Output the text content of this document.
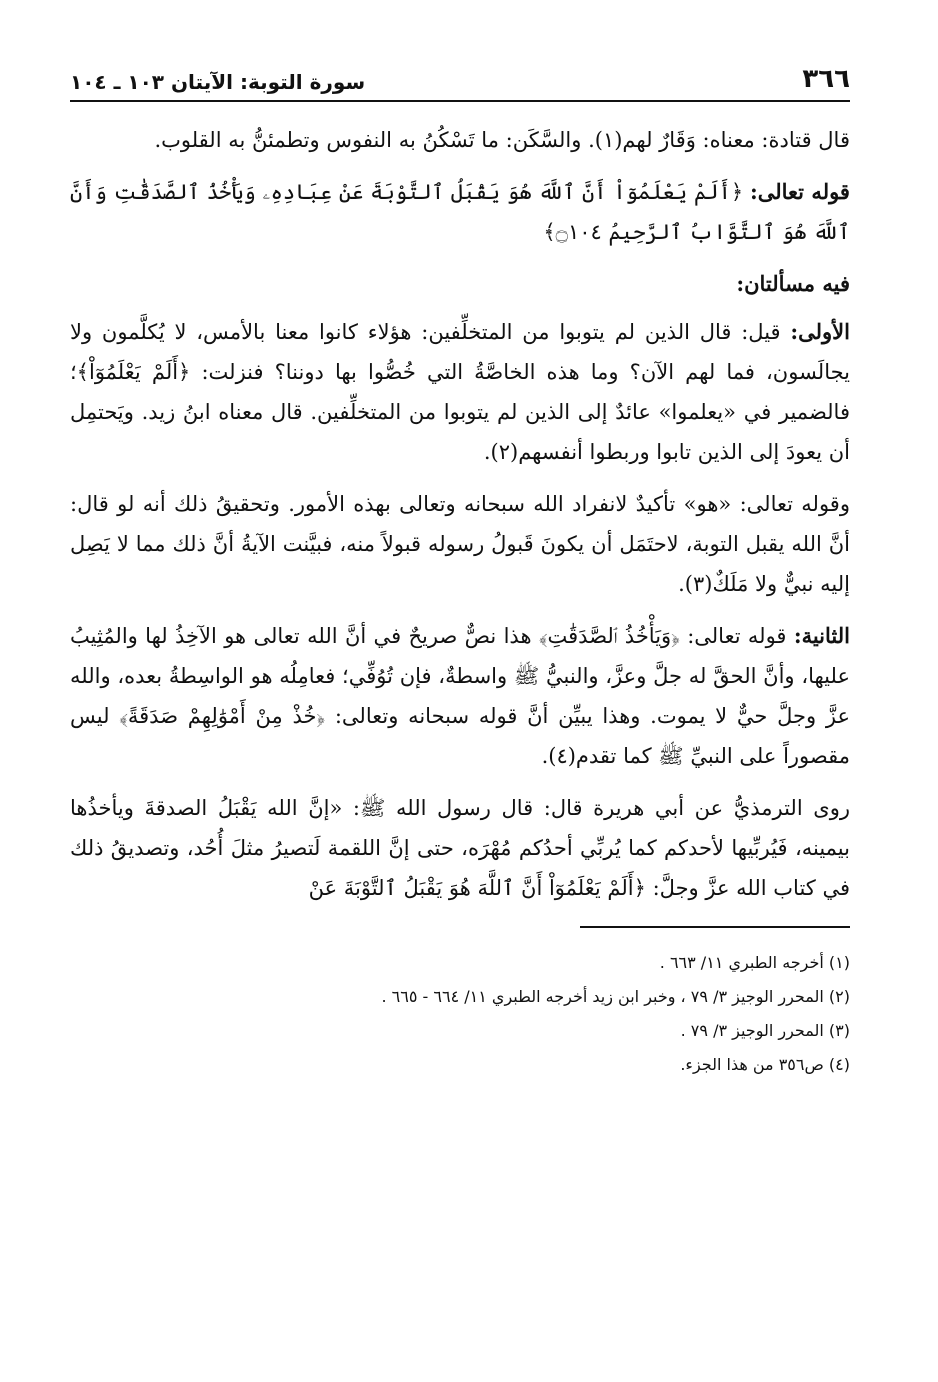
٣٦٦
سورة التوبة: الآيتان ١٠٣ ـ ١٠٤

قال قتادة: معناه: وَقَارٌ لهم(١). والسَّكَن: ما تَسْكُنُ به النفوس وتطمئنُّ به القلوب.

قوله تعالى: ﴿أَلَمْ يَعْلَمُوٓاْ أَنَّ ٱللَّهَ هُوَ يَقْبَلُ ٱلتَّوْبَةَ عَنْ عِبَادِهِۦ وَيَأْخُذُ ٱلصَّدَقَٰتِ وَأَنَّ ٱللَّهَ هُوَ ٱلتَّوَّابُ ٱلرَّحِيمُ ۝١٠٤﴾

فيه مسألتان:

الأولى: قيل: قال الذين لم يتوبوا من المتخلِّفين: هؤلاء كانوا معنا بالأمس، لا يُكلَّمون ولا يجالَسون، فما لهم الآن؟ وما هذه الخاصَّةُ التي خُصُّوا بها دوننا؟ فنزلت: ﴿أَلَمْ يَعْلَمُوٓاْ﴾؛ فالضمير في «يعلموا» عائدٌ إلى الذين لم يتوبوا من المتخلِّفين. قال معناه ابنُ زيد. ويَحتمِل أن يعودَ إلى الذين تابوا وربطوا أنفسهم(٢).

وقوله تعالى: «هو» تأكيدٌ لانفراد الله سبحانه وتعالى بهذه الأمور. وتحقيقُ ذلك أنه لو قال: أنَّ الله يقبل التوبة، لاحتَمَل أن يكونَ قَبولُ رسوله قبولاً منه، فبيَّنت الآيةُ أنَّ ذلك مما لا يَصِل إليه نبيٌّ ولا مَلَكٌ(٣).

الثانية: قوله تعالى: ﴿وَيَأْخُذُ ٱلصَّدَقَٰتِ﴾ هذا نصٌّ صريحٌ في أنَّ الله تعالى هو الآخِذُ لها والمُثِيبُ عليها، وأنَّ الحقَّ له جلَّ وعزَّ، والنبيُّ ﷺ واسطةٌ، فإن تُوُفِّي؛ فعامِلُه هو الواسِطةُ بعده، والله عزَّ وجلَّ حيٌّ لا يموت. وهذا يبيِّن أنَّ قوله سبحانه وتعالى: ﴿خُذْ مِنْ أَمْوَٰلِهِمْ صَدَقَةً﴾ ليس مقصوراً على النبيِّ ﷺ كما تقدم(٤).

روى الترمذيُّ عن أبي هريرة قال: قال رسول الله ﷺ: «إنَّ الله يَقْبَلُ الصدقةَ ويأخذُها بيمينه، فَيُربِّيها لأحدكم كما يُربِّي أحدُكم مُهْرَه، حتى إنَّ اللقمة لَتصيرُ مثلَ أُحُد، وتصديقُ ذلك في كتاب الله عزَّ وجلَّ: ﴿أَلَمْ يَعْلَمُوٓاْ أَنَّ ٱللَّهَ هُوَ يَقْبَلُ ٱلتَّوْبَةَ عَنْ

(١) أخرجه الطبري ١١/ ٦٦٣ .

(٢) المحرر الوجيز ٣/ ٧٩ ، وخبر ابن زيد أخرجه الطبري ١١/ ٦٦٤ - ٦٦٥ .

(٣) المحرر الوجيز ٣/ ٧٩ .

(٤) ص٣٥٦ من هذا الجزء.
